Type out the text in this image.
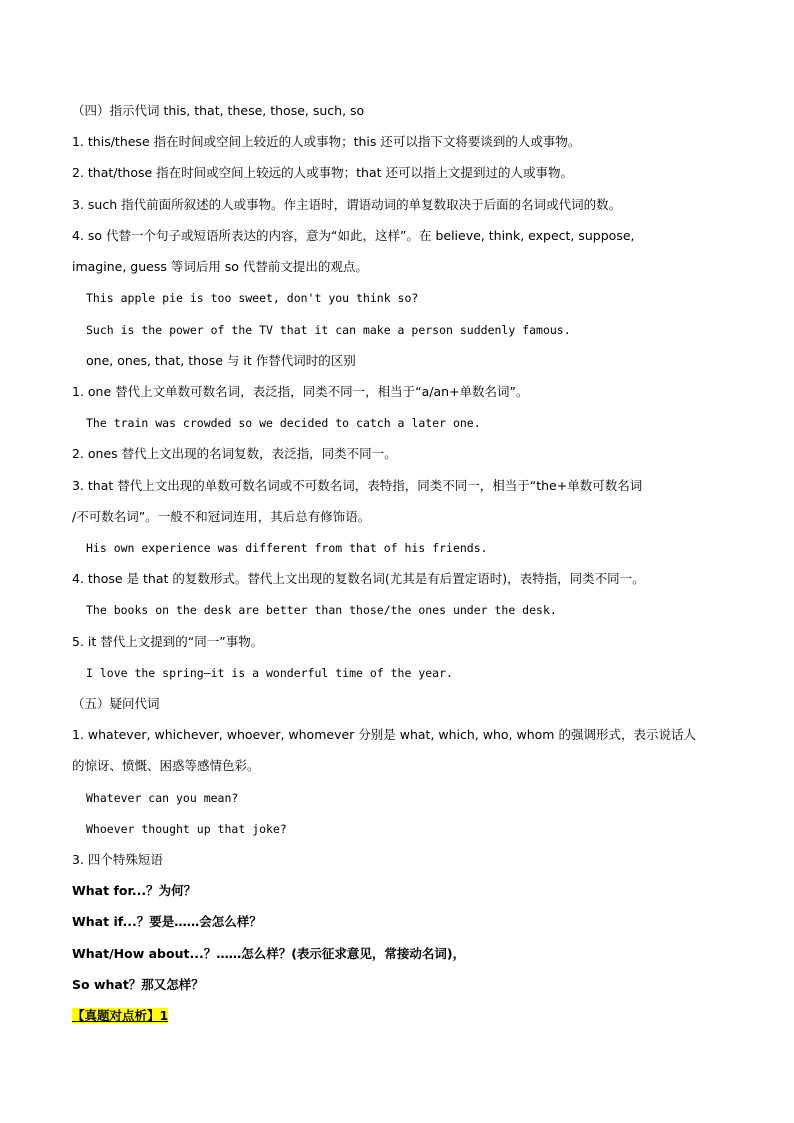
（四）指示代词 this, that, these, those, such, so
1. this/these 指在时间或空间上较近的人或事物；this 还可以指下文将要谈到的人或事物。
2. that/those 指在时间或空间上较远的人或事物；that 还可以指上文提到过的人或事物。
3. such 指代前面所叙述的人或事物。作主语时，谓语动词的单复数取决于后面的名词或代词的数。
4. so 代替一个句子或短语所表达的内容，意为“如此，这样”。在 believe, think, expect, suppose,
imagine, guess 等词后用 so 代替前文提出的观点。
This apple pie is too sweet, don't you think so?
Such is the power of the TV that it can make a person suddenly famous.
one, ones, that, those 与 it 作替代词时的区别
1. one 替代上文单数可数名词，表泛指，同类不同一，相当于“a/an+单数名词”。
The train was crowded so we decided to catch a later one.
2. ones 替代上文出现的名词复数，表泛指，同类不同一。
3. that 替代上文出现的单数可数名词或不可数名词，表特指，同类不同一，相当于“the+单数可数名词
/不可数名词”。一般不和冠词连用，其后总有修饰语。
His own experience was different from that of his friends.
4. those 是 that 的复数形式。替代上文出现的复数名词(尤其是有后置定语时)，表特指，同类不同一。
The books on the desk are better than those/the ones under the desk.
5. it 替代上文提到的“同一”事物。
I love the spring—it is a wonderful time of the year.
（五）疑问代词
1. whatever, whichever, whoever, whomever 分别是 what, which, who, whom 的强调形式，表示说话人
的惊讶、愤慨、困惑等感情色彩。
Whatever can you mean?
Whoever thought up that joke?
3. 四个特殊短语
What for...？为何？
What if...？要是……会怎么样？
What/How about...？……怎么样？(表示征求意见，常接动名词)，
So what？那又怎样？
【真题对点析】1
